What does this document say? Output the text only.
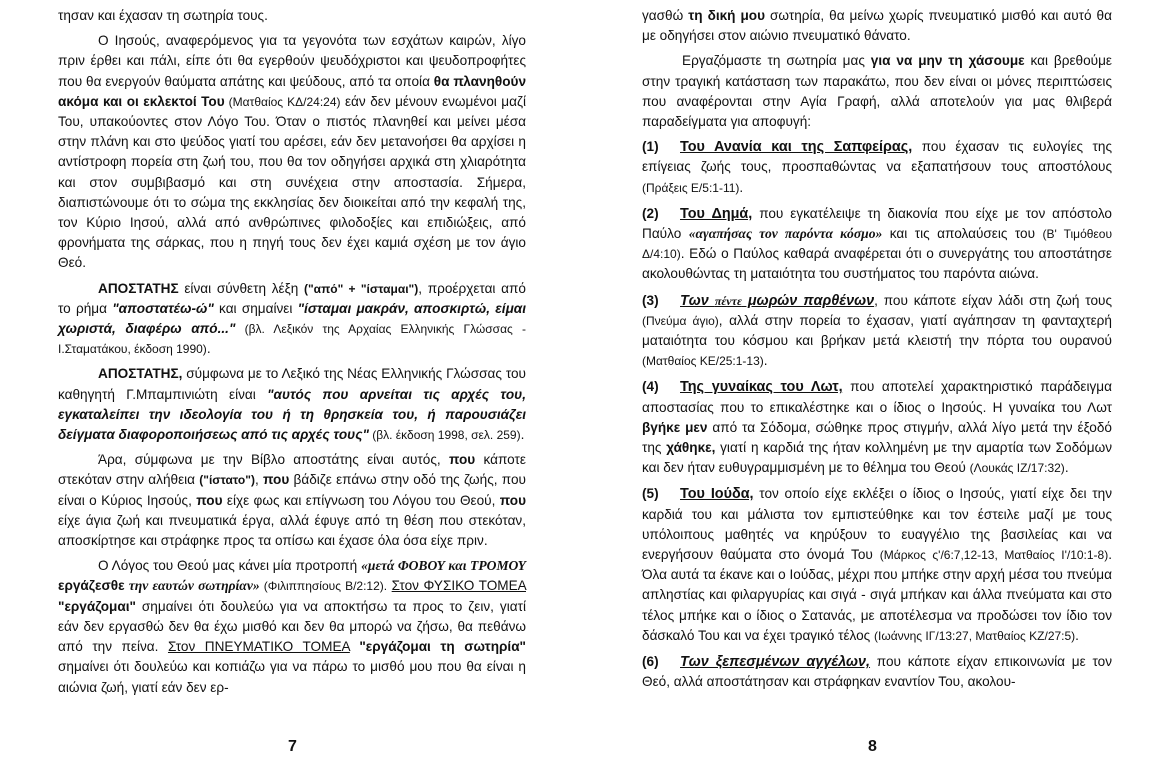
τησαν και έχασαν τη σωτηρία τους.

Ο Ιησούς, αναφερόμενος για τα γεγονότα των εσχάτων καιρών, λίγο πριν έρθει και πάλι, είπε ότι θα εγερθούν ψευδόχριστοι και ψευδοπροφήτες που θα ενεργούν θαύματα απάτης και ψεύδους, από τα οποία θα πλανηθούν ακόμα και οι εκλεκτοί Του (Ματθαίος ΚΔ/24:24) εάν δεν μένουν ενωμένοι μαζί Του, υπακούοντες στον Λόγο Του. Όταν ο πιστός πλανηθεί και μείνει μέσα στην πλάνη και στο ψεύδος γιατί του αρέσει, εάν δεν μετανοήσει θα αρχίσει η αντίστροφη πορεία στη ζωή του, που θα τον οδηγήσει αρχικά στη χλιαρότητα και στον συμβιβασμό και στη συνέχεια στην αποστασία. Σήμερα, διαπιστώνουμε ότι το σώμα της εκκλησίας δεν διοικείται από την κεφαλή της, τον Κύριο Ιησού, αλλά από ανθρώπινες φιλοδοξίες και επιδιώξεις, από φρονήματα της σάρκας, που η πηγή τους δεν έχει καμιά σχέση με τον άγιο Θεό.

ΑΠΟΣΤΑΤΗΣ είναι σύνθετη λέξη ("από" + "ίσταμαι"), προέρχεται από το ρήμα "αποστατέω-ώ" και σημαίνει "ίσταμαι μακράν, αποσκιρτώ, είμαι χωριστά, διαφέρω από..." (βλ. Λεξικόν της Αρχαίας Ελληνικής Γλώσσας - Ι.Σταματάκου, έκδοση 1990).

ΑΠΟΣΤΑΤΗΣ, σύμφωνα με το Λεξικό της Νέας Ελληνικής Γλώσσας του καθηγητή Γ.Μπαμπινιώτη είναι "αυτός που αρνείται τις αρχές του, εγκαταλείπει την ιδεολογία του ή τη θρησκεία του, ή παρουσιάζει δείγματα διαφοροποιήσεως από τις αρχές τους" (βλ. έκδοση 1998, σελ. 259).

Άρα, σύμφωνα με την Βίβλο αποστάτης είναι αυτός, που κάποτε στεκόταν στην αλήθεια ("ίστατο"), που βάδιζε επάνω στην οδό της ζωής, που είναι ο Κύριος Ιησούς, που είχε φως και επίγνωση του Λόγου του Θεού, που είχε άγια ζωή και πνευματικά έργα, αλλά έφυγε από τη θέση που στεκόταν, αποσκίρτησε και στράφηκε προς τα οπίσω και έχασε όλα όσα είχε πριν.

Ο Λόγος του Θεού μας κάνει μία προτροπή «μετά ΦΟΒΟΥ και ΤΡΟΜΟΥ εργάζεσθε την εαυτών σωτηρίαν» (Φιλιππησίους Β/2:12). Στον ΦΥΣΙΚΟ ΤΟΜΕΑ "εργάζομαι" σημαίνει ότι δουλεύω για να αποκτήσω τα προς το ζειν, γιατί εάν δεν εργασθώ δεν θα έχω μισθό και δεν θα μπορώ να ζήσω, θα πεθάνω από την πείνα. Στον ΠΝΕΥΜΑΤΙΚΟ ΤΟΜΕΑ "εργάζομαι τη σωτηρία" σημαίνει ότι δουλεύω και κοπιάζω για να πάρω το μισθό μου που θα είναι η αιώνια ζωή, γιατί εάν δεν ερ-

γασθώ τη δική μου σωτηρία, θα μείνω χωρίς πνευματικό μισθό και αυτό θα με οδηγήσει στον αιώνιο πνευματικό θάνατο.

Εργαζόμαστε τη σωτηρία μας για να μην τη χάσουμε και βρεθούμε στην τραγική κατάσταση των παρακάτω, που δεν είναι οι μόνες περιπτώσεις που αναφέρονται στην Αγία Γραφή, αλλά αποτελούν για μας θλιβερά παραδείγματα για αποφυγή:

(1) Του Ανανία και της Σαπφείρας, που έχασαν τις ευλογίες της επίγειας ζωής τους, προσπαθώντας να εξαπατήσουν τους αποστόλους (Πράξεις Ε/5:1-11).
(2) Του Δημά, που εγκατέλειψε τη διακονία που είχε με τον απόστολο Παύλο «αγαπήσας τον παρόντα κόσμο» και τις απολαύσεις του (Β' Τιμόθεου Δ/4:10). Εδώ ο Παύλος καθαρά αναφέρεται ότι ο συνεργάτης του αποστάτησε ακολουθώντας τη ματαιότητα του συστήματος του παρόντα αιώνα.
(3) Των πέντε μωρών παρθένων, που κάποτε είχαν λάδι στη ζωή τους (Πνεύμα άγιο), αλλά στην πορεία το έχασαν, γιατί αγάπησαν τη φανταχτερή ματαιότητα του κόσμου και βρήκαν μετά κλειστή την πόρτα του ουρανού (Ματθαίος ΚΕ/25:1-13).
(4) Της γυναίκας του Λωτ, που αποτελεί χαρακτηριστικό παράδειγμα αποστασίας που το επικαλέστηκε και ο ίδιος ο Ιησούς. Η γυναίκα του Λωτ βγήκε μεν από τα Σόδομα, σώθηκε προς στιγμήν, αλλά λίγο μετά την έξοδό της χάθηκε, γιατί η καρδιά της ήταν κολλημένη με την αμαρτία των Σοδόμων και δεν ήταν ευθυγραμμισμένη με το θέλημα του Θεού (Λουκάς ΙΖ/17:32).
(5) Του Ιούδα, τον οποίο είχε εκλέξει ο ίδιος ο Ιησούς, γιατί είχε δει την καρδιά του και μάλιστα τον εμπιστεύθηκε και τον έστειλε μαζί με τους υπόλοιπους μαθητές να κηρύξουν το ευαγγέλιο της βασιλείας και να ενεργήσουν θαύματα στο όνομά Του (Μάρκος ς'/6:7,12-13, Ματθαίος Ι'/10:1-8). Όλα αυτά τα έκανε και ο Ιούδας, μέχρι που μπήκε στην αρχή μέσα του πνεύμα απληστίας και φιλαργυρίας και σιγά - σιγά μπήκαν και άλλα πνεύματα και στο τέλος μπήκε και ο ίδιος ο Σατανάς, με αποτέλεσμα να προδώσει τον ίδιο τον δάσκαλό Του και να έχει τραγικό τέλος (Ιωάννης ΙΓ/13:27, Ματθαίος ΚΖ/27:5).
(6) Των ξεπεσμένων αγγέλων, που κάποτε είχαν επικοινωνία με τον Θεό, αλλά αποστάτησαν και στράφηκαν εναντίον Του, ακολου-
7	8
